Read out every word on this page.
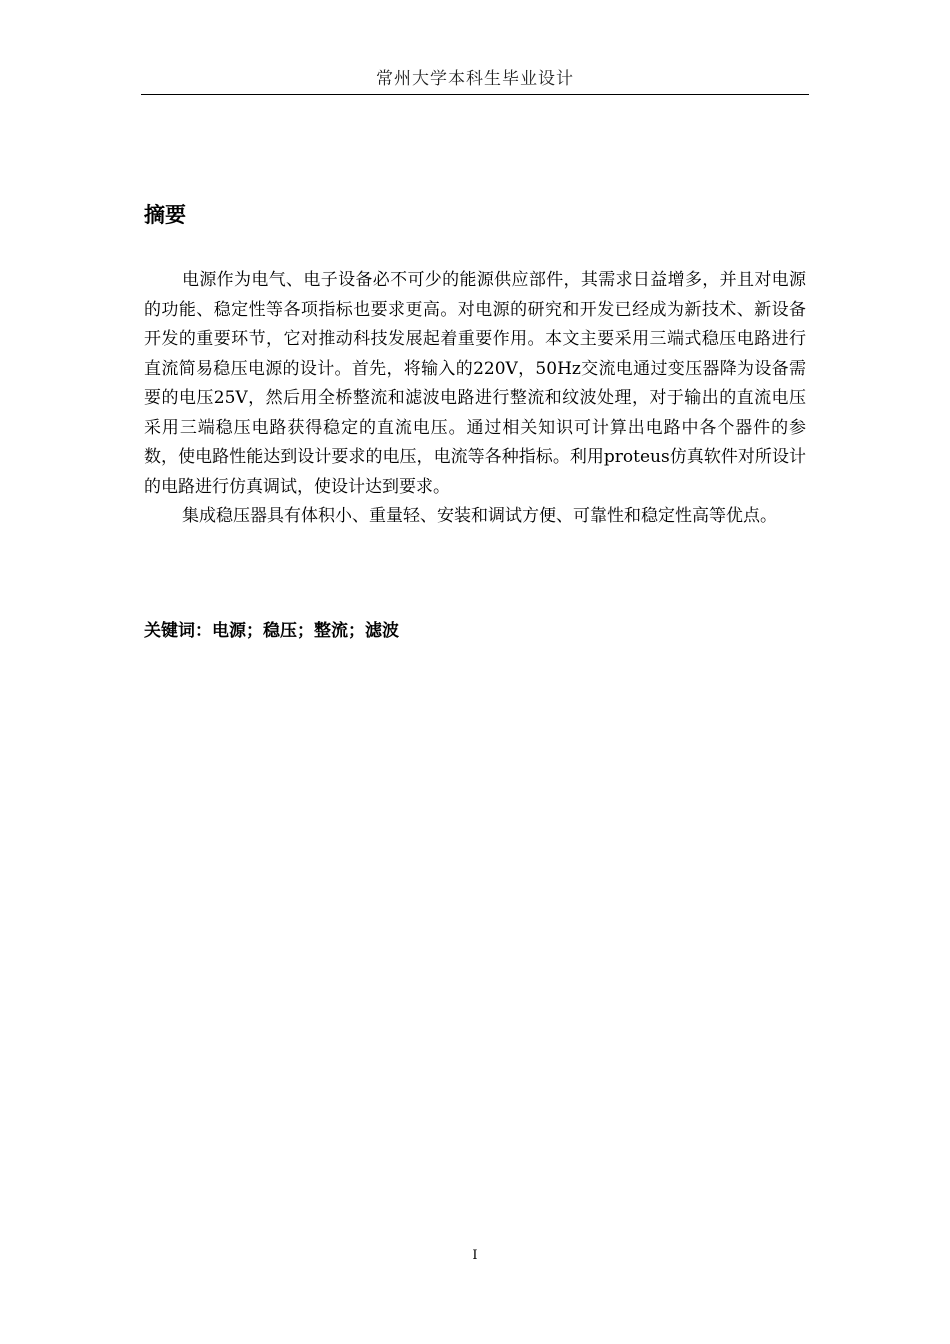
常州大学本科生毕业设计
摘要

电源作为电气、电子设备必不可少的能源供应部件，其需求日益增多，并且对电源的功能、稳定性等各项指标也要求更高。对电源的研究和开发已经成为新技术、新设备开发的重要环节，它对推动科技发展起着重要作用。本文主要采用三端式稳压电路进行直流简易稳压电源的设计。首先，将输入的220V，50Hz交流电通过变压器降为设备需要的电压25V，然后用全桥整流和滤波电路进行整流和纹波处理，对于输出的直流电压采用三端稳压电路获得稳定的直流电压。通过相关知识可计算出电路中各个器件的参数，使电路性能达到设计要求的电压，电流等各种指标。利用proteus仿真软件对所设计的电路进行仿真调试，使设计达到要求。

集成稳压器具有体积小、重量轻、安装和调试方便、可靠性和稳定性高等优点。

关键词：电源；稳压；整流；滤波
I
